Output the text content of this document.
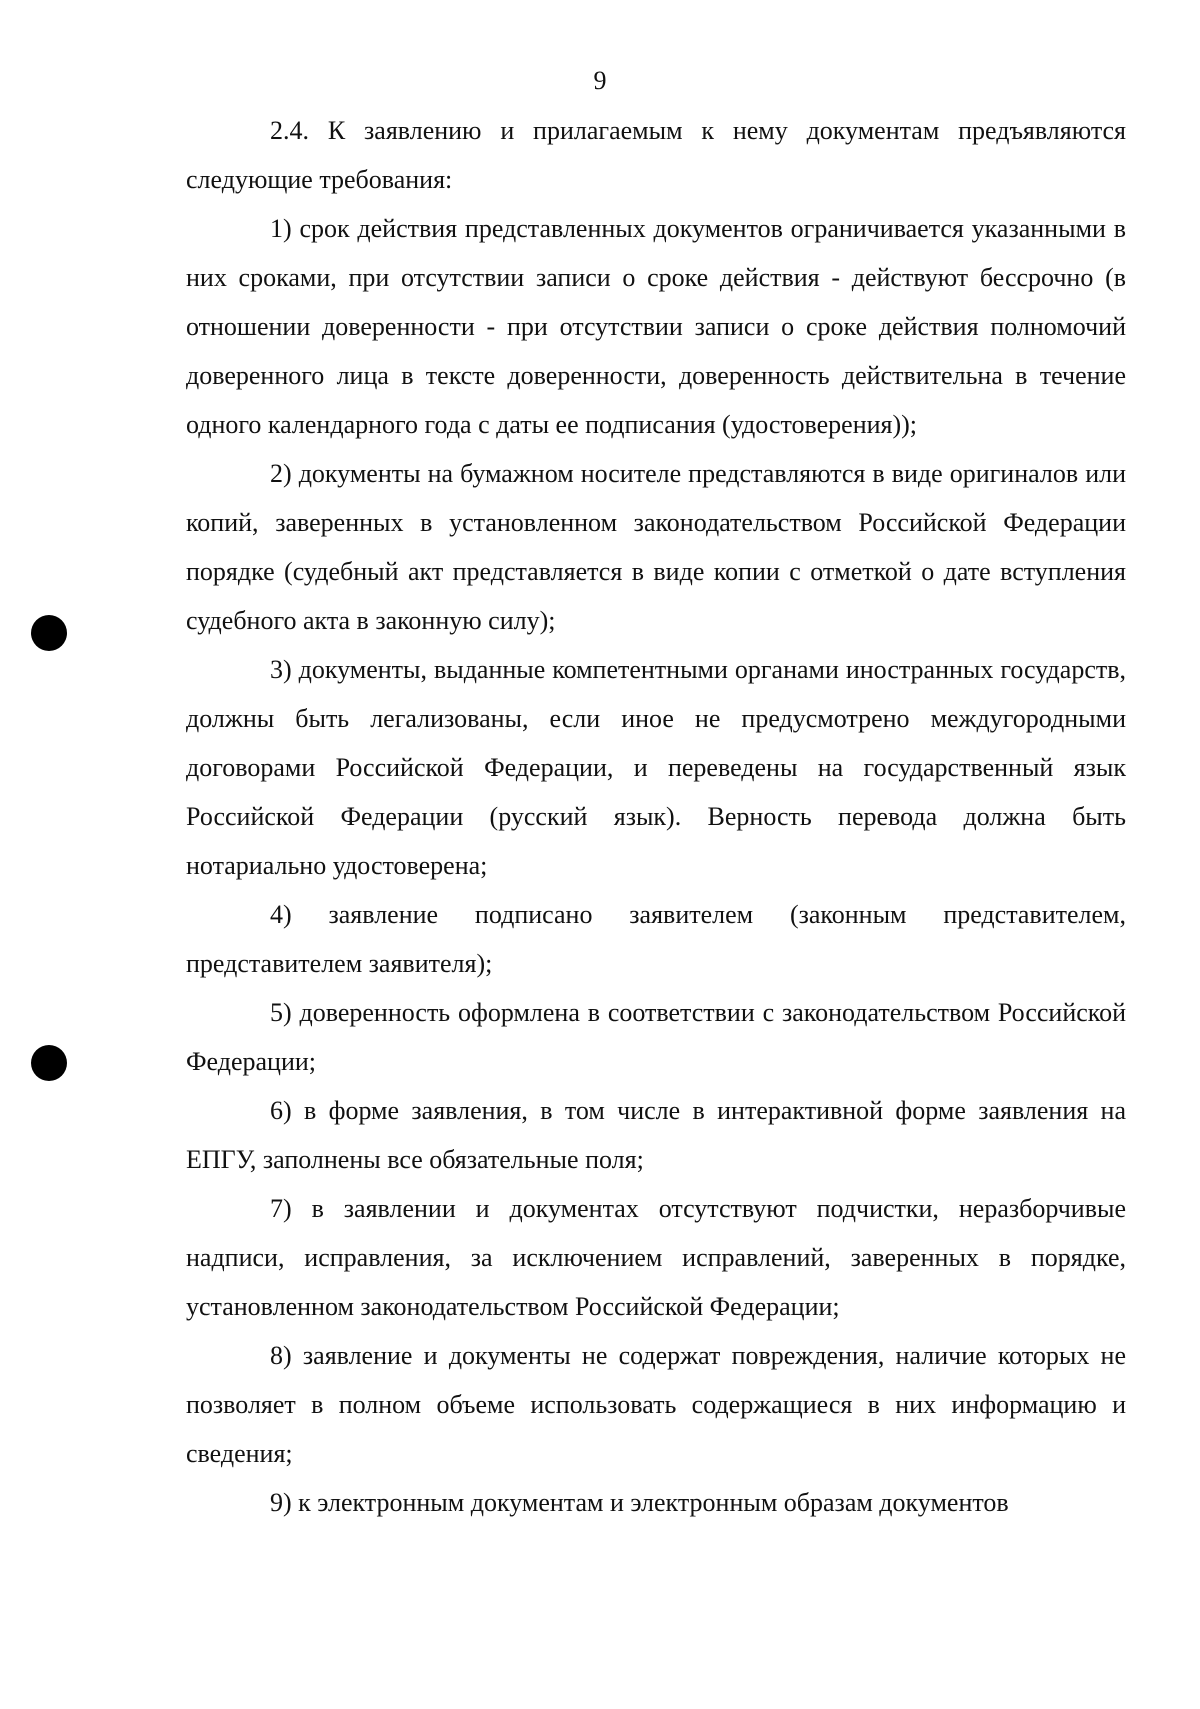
9

2.4. К заявлению и прилагаемым к нему документам предъявляются следующие требования:

1) срок действия представленных документов ограничивается указанными в них сроками, при отсутствии записи о сроке действия - действуют бессрочно (в отношении доверенности - при отсутствии записи о сроке действия полномочий доверенного лица в тексте доверенности, доверенность действительна в течение одного календарного года с даты ее подписания (удостоверения));

2) документы на бумажном носителе представляются в виде оригиналов или копий, заверенных в установленном законодательством Российской Федерации порядке (судебный акт представляется в виде копии с отметкой о дате вступления судебного акта в законную силу);

3) документы, выданные компетентными органами иностранных государств, должны быть легализованы, если иное не предусмотрено междугородными договорами Российской Федерации, и переведены на государственный язык Российской Федерации (русский язык). Верность перевода должна быть нотариально удостоверена;

4) заявление подписано заявителем (законным представителем, представителем заявителя);

5) доверенность оформлена в соответствии с законодательством Российской Федерации;

6) в форме заявления, в том числе в интерактивной форме заявления на ЕПГУ, заполнены все обязательные поля;

7) в заявлении и документах отсутствуют подчистки, неразборчивые надписи, исправления, за исключением исправлений, заверенных в порядке, установленном законодательством Российской Федерации;

8) заявление и документы не содержат повреждения, наличие которых не позволяет в полном объеме использовать содержащиеся в них информацию и сведения;

9) к электронным документам и электронным образам документов
